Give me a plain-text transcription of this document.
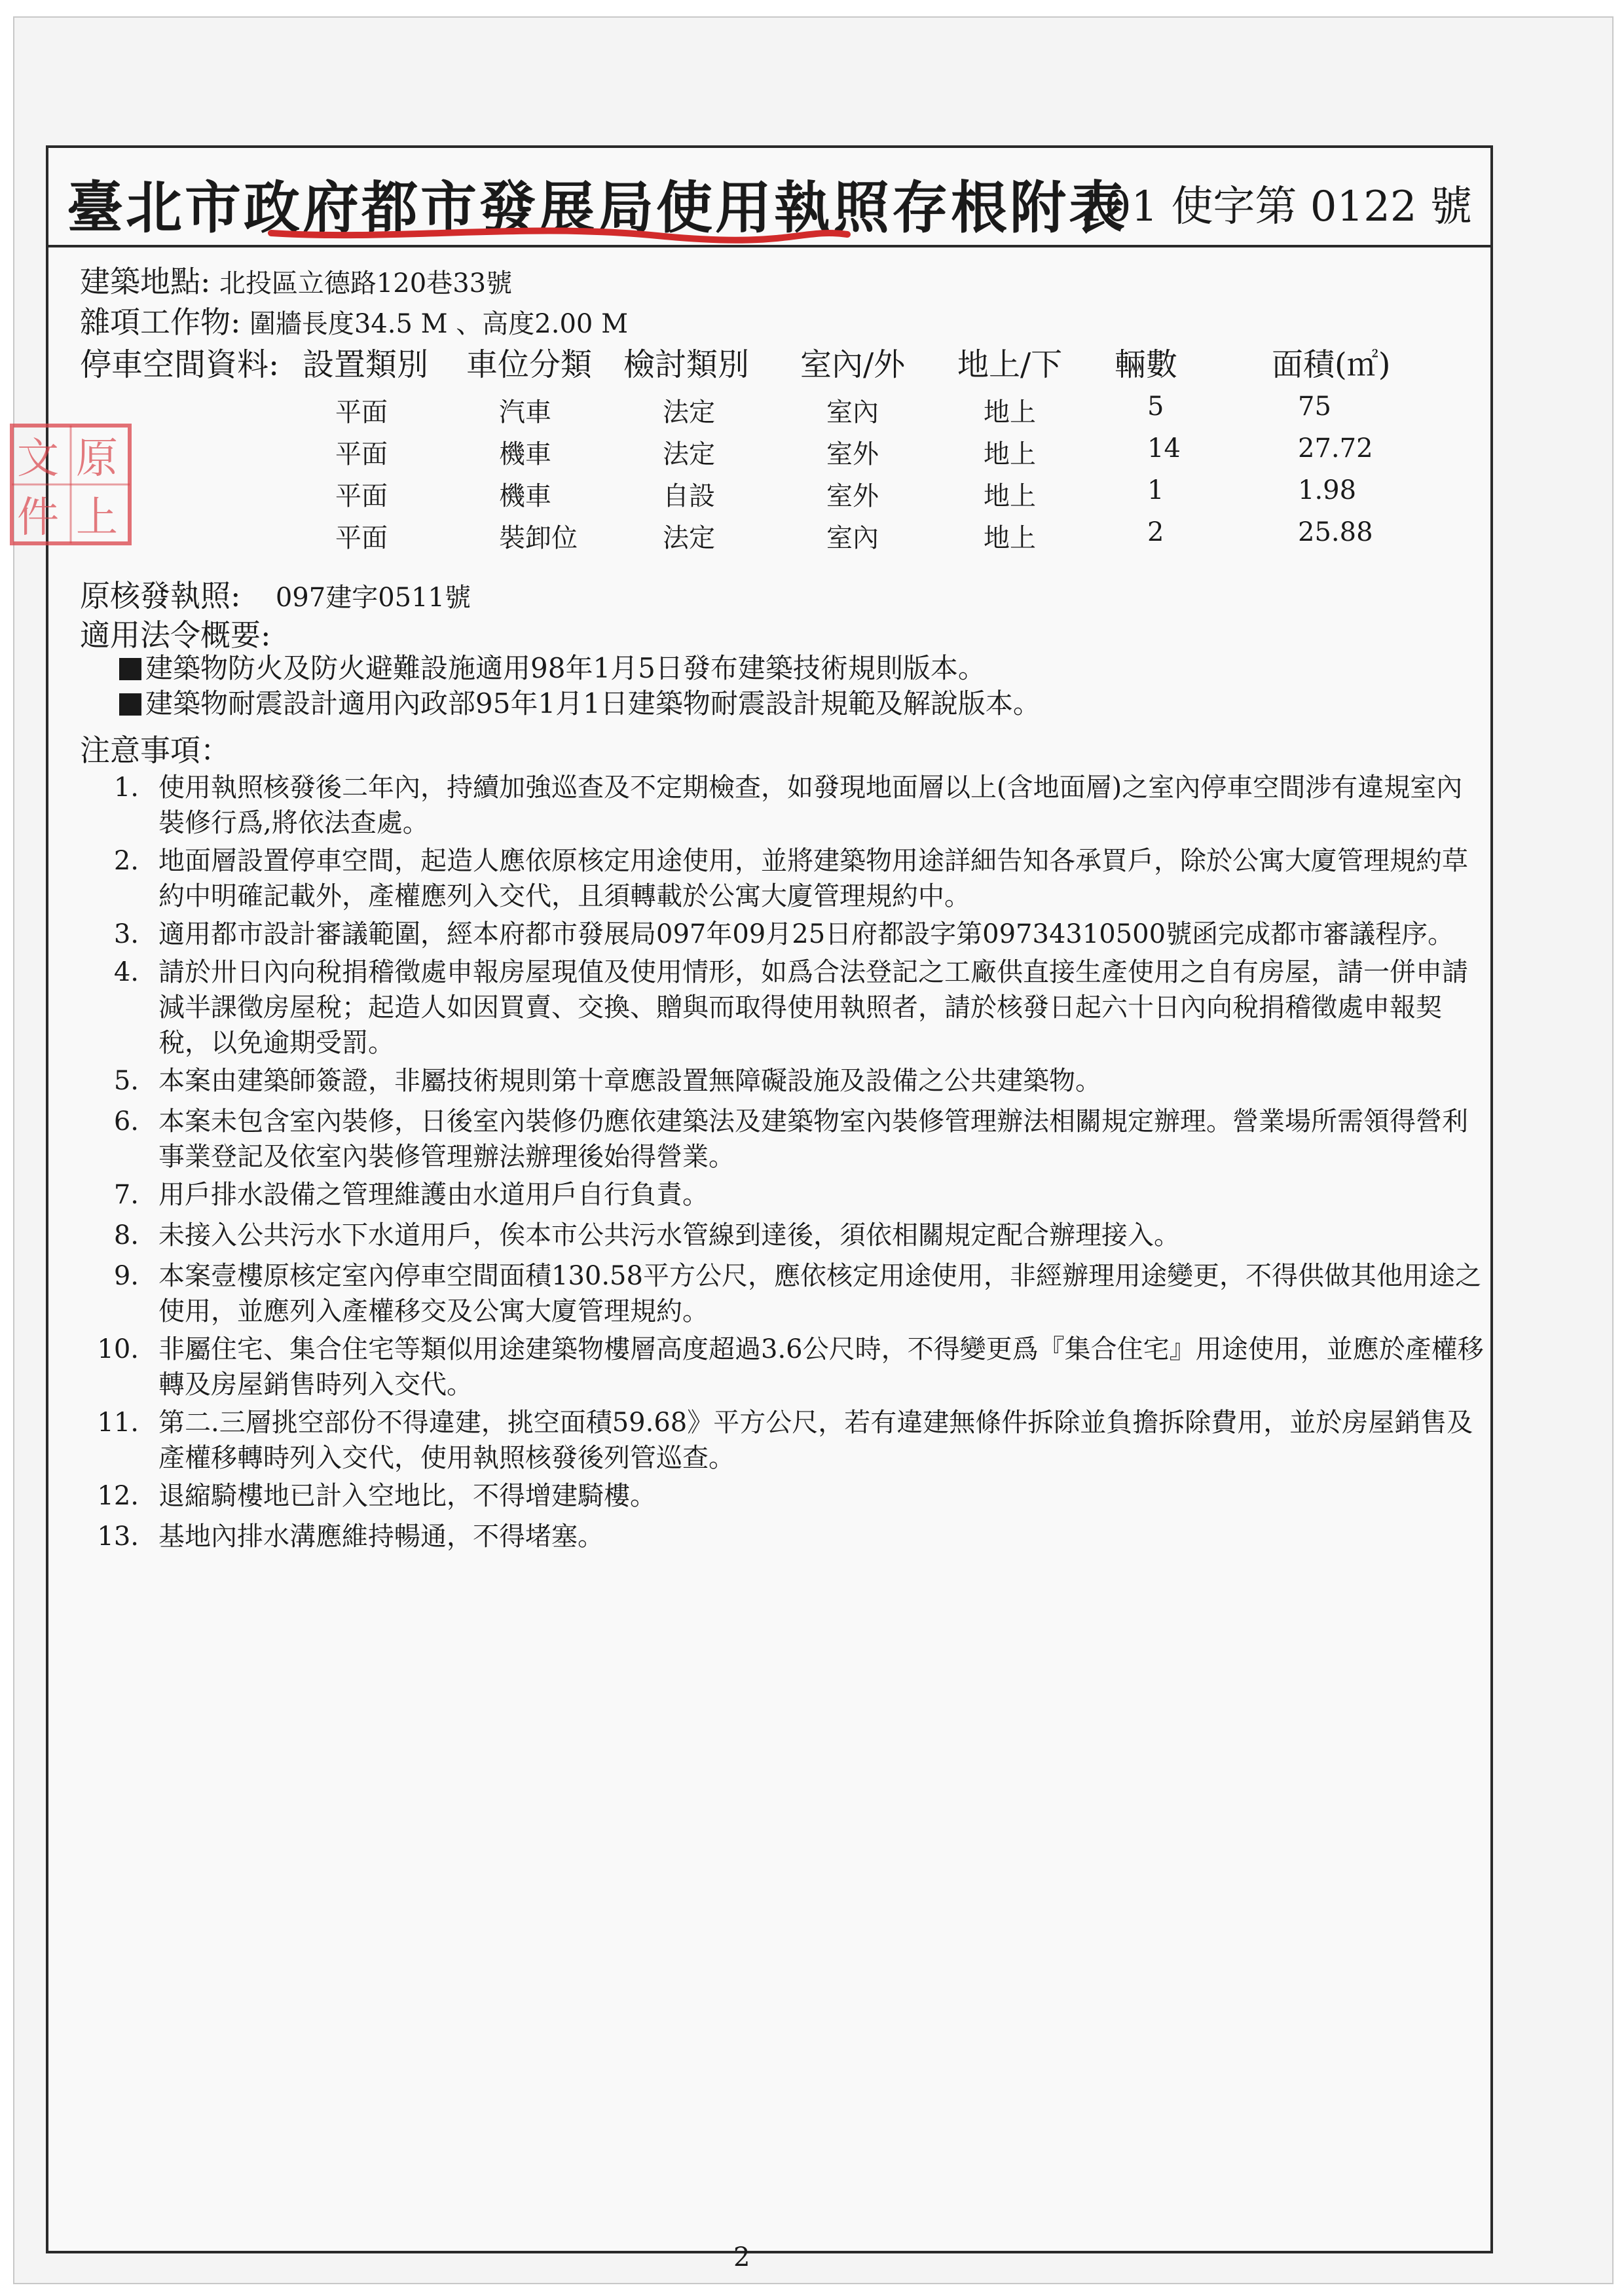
臺北市政府都市發展局使用執照存根附表
101 使字第 0122 號
建築地點: 北投區立德路120巷33號
雜項工作物: 圍牆長度34.5 M 、高度2.00 M
停車空間資料: 設置類別 車位分類 檢討類別 室內/外 地上/下 輛數	面積(㎡)
平面	汽車	法定	室內	地上	5	75
平面	機車	法定	室外	地上	14	27.72
平面	機車	自設	室外	地上	1	1.98
平面	裝卸位	法定	室內	地上	2	25.88
原核發執照: 097建字0511號
適用法令概要:
建築物防火及防火避難設施適用98年1月5日發布建築技術規則版本。
建築物耐震設計適用內政部95年1月1日建築物耐震設計規範及解說版本。
注意事項：
1. 使用執照核發後二年內，持續加強巡查及不定期檢查，如發現地面層以上(含地面層)之室內停車空間涉有違規室內裝修行爲,將依法查處。
2. 地面層設置停車空間，起造人應依原核定用途使用，並將建築物用途詳細告知各承買戶，除於公寓大廈管理規約草約中明確記載外，產權應列入交代，且須轉載於公寓大廈管理規約中。
3. 適用都市設計審議範圍，經本府都市發展局097年09月25日府都設字第09734310500號函完成都市審議程序。
4. 請於卅日內向稅捐稽徵處申報房屋現值及使用情形，如爲合法登記之工廠供直接生產使用之自有房屋，請一併申請減半課徵房屋稅；起造人如因買賣、交換、贈與而取得使用執照者，請於核發日起六十日內向稅捐稽徵處申報契稅，以免逾期受罰。
5. 本案由建築師簽證，非屬技術規則第十章應設置無障礙設施及設備之公共建築物。
6. 本案未包含室內裝修，日後室內裝修仍應依建築法及建築物室內裝修管理辦法相關規定辦理。營業場所需領得營利事業登記及依室內裝修管理辦法辦理後始得營業。
7. 用戶排水設備之管理維護由水道用戶自行負責。
8. 未接入公共污水下水道用戶，俟本市公共污水管線到達後，須依相關規定配合辦理接入。
9. 本案壹樓原核定室內停車空間面積130.58平方公尺，應依核定用途使用，非經辦理用途變更，不得供做其他用途之使用，並應列入產權移交及公寓大廈管理規約。
10. 非屬住宅、集合住宅等類似用途建築物樓層高度超過3.6公尺時，不得變更爲『集合住宅』用途使用，並應於產權移轉及房屋銷售時列入交代。
11. 第二.三層挑空部份不得違建，挑空面積59.68》平方公尺，若有違建無條件拆除並負擔拆除費用，並於房屋銷售及產權移轉時列入交代，使用執照核發後列管巡查。
12. 退縮騎樓地已計入空地比，不得增建騎樓。
13. 基地內排水溝應維持暢通，不得堵塞。
文 原
件 上
2
